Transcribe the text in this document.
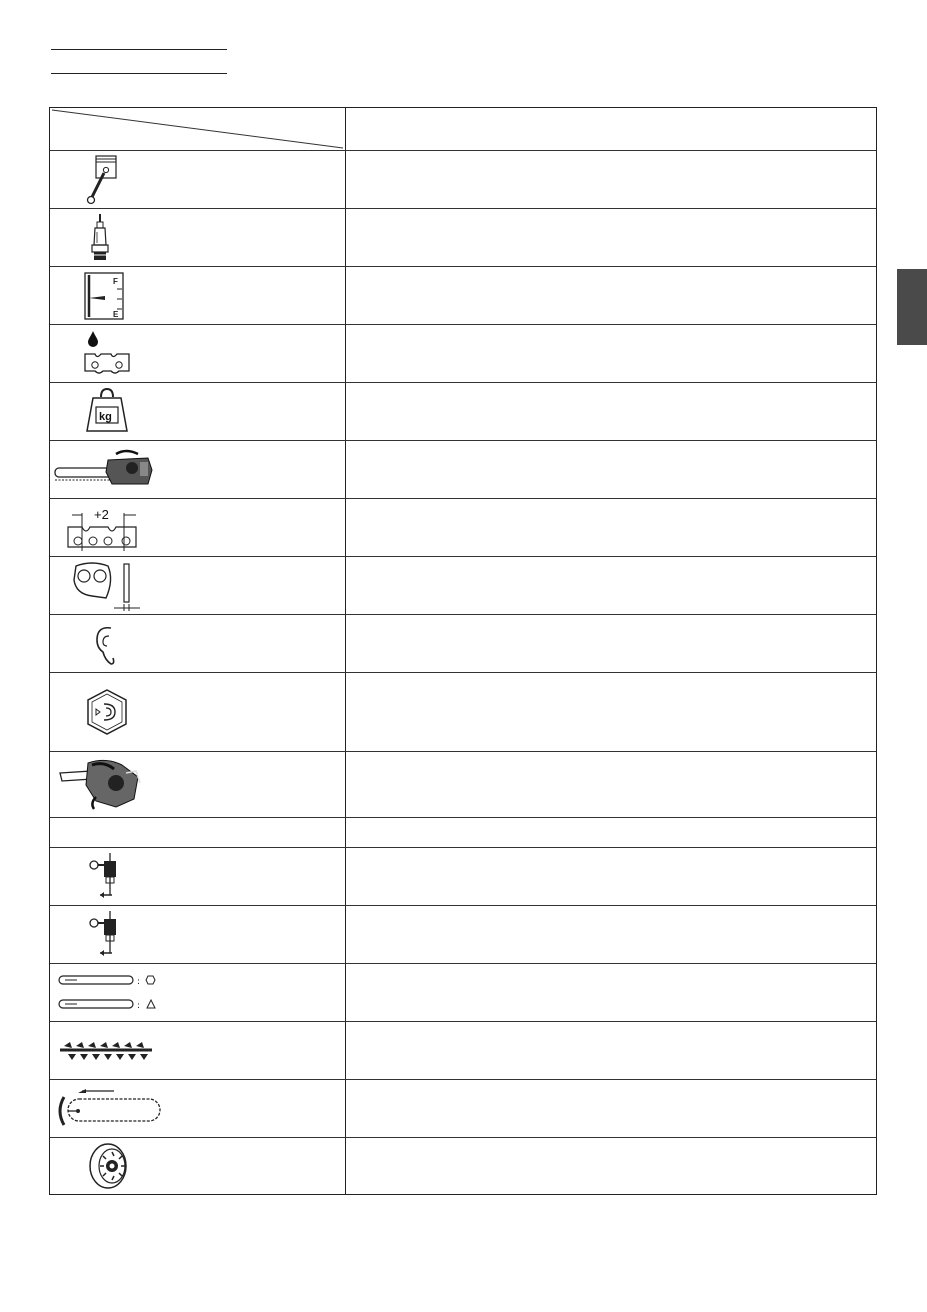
F
E
kg
+2
:
:
